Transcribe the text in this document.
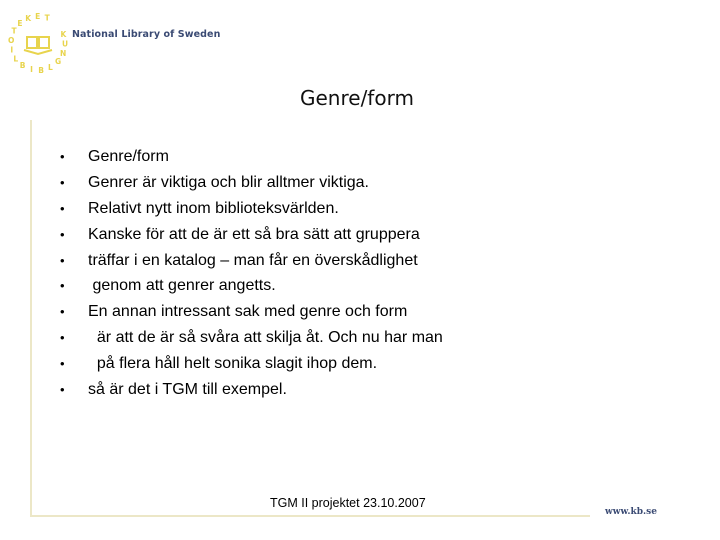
K
U
N
G
L
B
I
B
L
I
O
T
E
K E T
National Library of Sweden
Genre/form
•	Genre/form
•	Genrer är viktiga och blir alltmer viktiga.
•	Relativt nytt inom biblioteksvärlden.
•	Kanske för att de är ett så bra sätt att gruppera
•	träffar i en katalog – man får en överskådlighet
•	genom att genrer angetts.
•	En annan intressant sak med genre och form
•	är att de är så svåra att skilja åt. Och nu har man
•	på flera håll helt sonika slagit ihop dem.
•	så är det i TGM till exempel.
TGM II projektet 23.10.2007
www.kb.se
